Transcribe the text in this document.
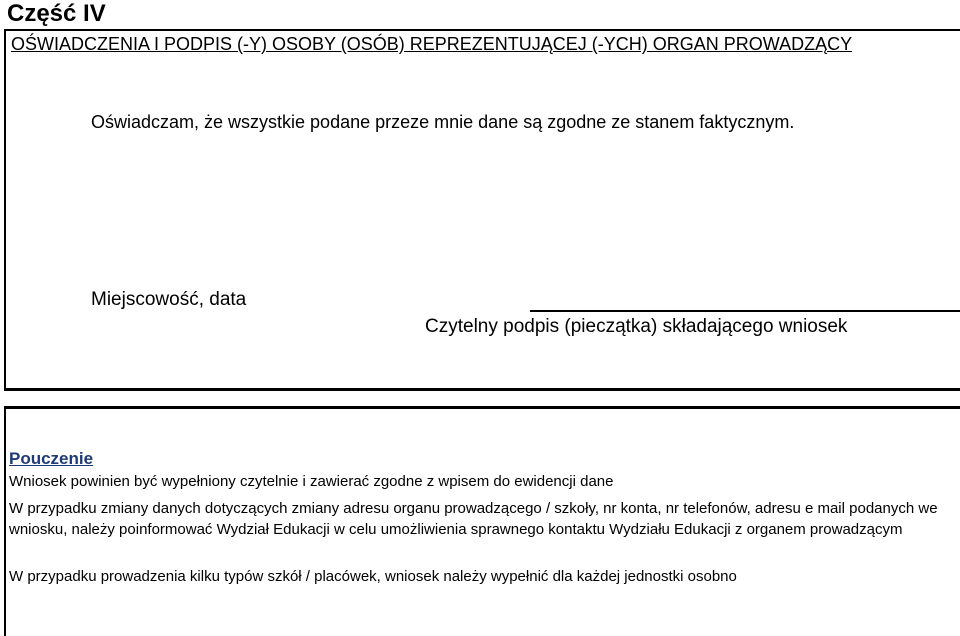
Część IV
OŚWIADCZENIA I PODPIS (-Y) OSOBY (OSÓB) REPREZENTUJĄCEJ (-YCH) ORGAN PROWADZĄCY
Oświadczam, że wszystkie podane przeze mnie dane są zgodne ze stanem faktycznym.
Miejscowość, data
Czytelny podpis (pieczątka) składającego wniosek
Pouczenie
Wniosek powinien być wypełniony czytelnie i zawierać zgodne z wpisem do ewidencji dane
W przypadku zmiany danych dotyczących zmiany adresu organu prowadzącego / szkoły, nr konta, nr telefonów, adresu e mail podanych we wniosku, należy poinformować Wydział Edukacji w celu umożliwienia sprawnego kontaktu Wydziału Edukacji z organem prowadzącym
W przypadku prowadzenia kilku typów szkół / placówek, wniosek należy wypełnić dla każdej jednostki osobno
